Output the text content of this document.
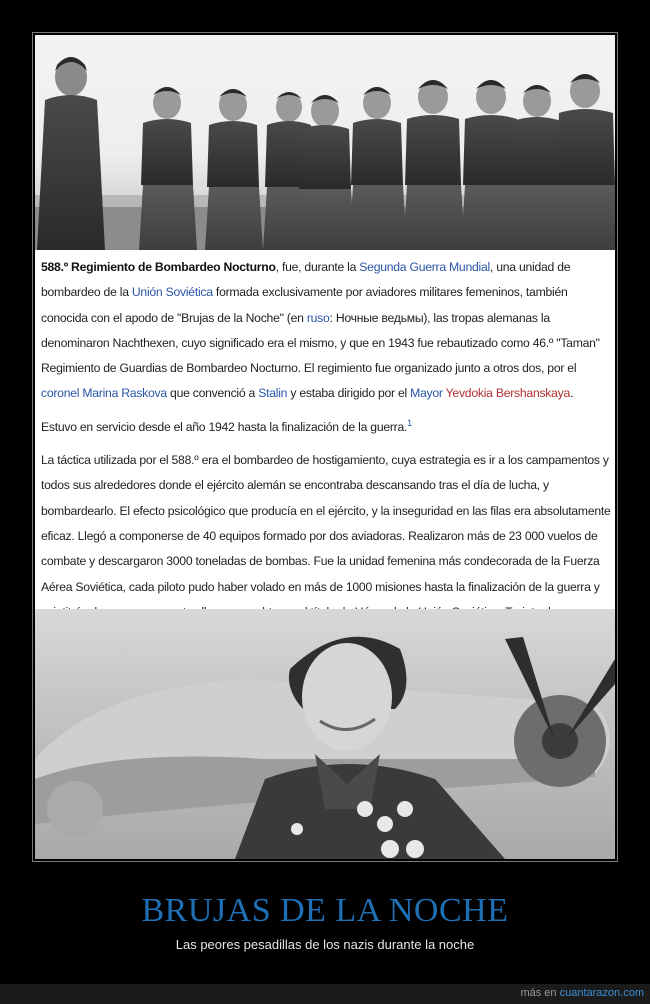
588.º Regimiento de Bombardeo Nocturno, fue, durante la Segunda Guerra Mundial, una unidad de bombardeo de la Unión Soviética formada exclusivamente por aviadores militares femeninos, también conocida con el apodo de "Brujas de la Noche" (en ruso: Ночные ведьмы), las tropas alemanas la denominaron Nachthexen, cuyo significado era el mismo, y que en 1943 fue rebautizado como 46.º "Taman" Regimiento de Guardias de Bombardeo Nocturno. El regimiento fue organizado junto a otros dos, por el coronel Marina Raskova que convenció a Stalin y estaba dirigido por el Mayor Yevdokia Bershanskaya.

Estuvo en servicio desde el año 1942 hasta la finalización de la guerra.$^1$

La táctica utilizada por el 588.º era el bombardeo de hostigamiento, cuya estrategia es ir a los campamentos y todos sus alrededores donde el ejército alemán se encontraba descansando tras el día de lucha, y bombardearlo. El efecto psicológico que producía en el ejército, y la inseguridad en las filas era absolutamente eficaz. Llegó a componerse de 40 equipos formado por dos aviadoras. Realizaron más de 23 000 vuelos de combate y descargaron 3000 toneladas de bombas. Fue la unidad femenina más condecorada de la Fuerza Aérea Soviética, cada piloto pudo haber volado en más de 1000 misiones hasta la finalización de la guerra y

BRUJAS DE LA NOCHE
Las peores pesadillas de los nazis durante la noche
más en cuantarazon.com
